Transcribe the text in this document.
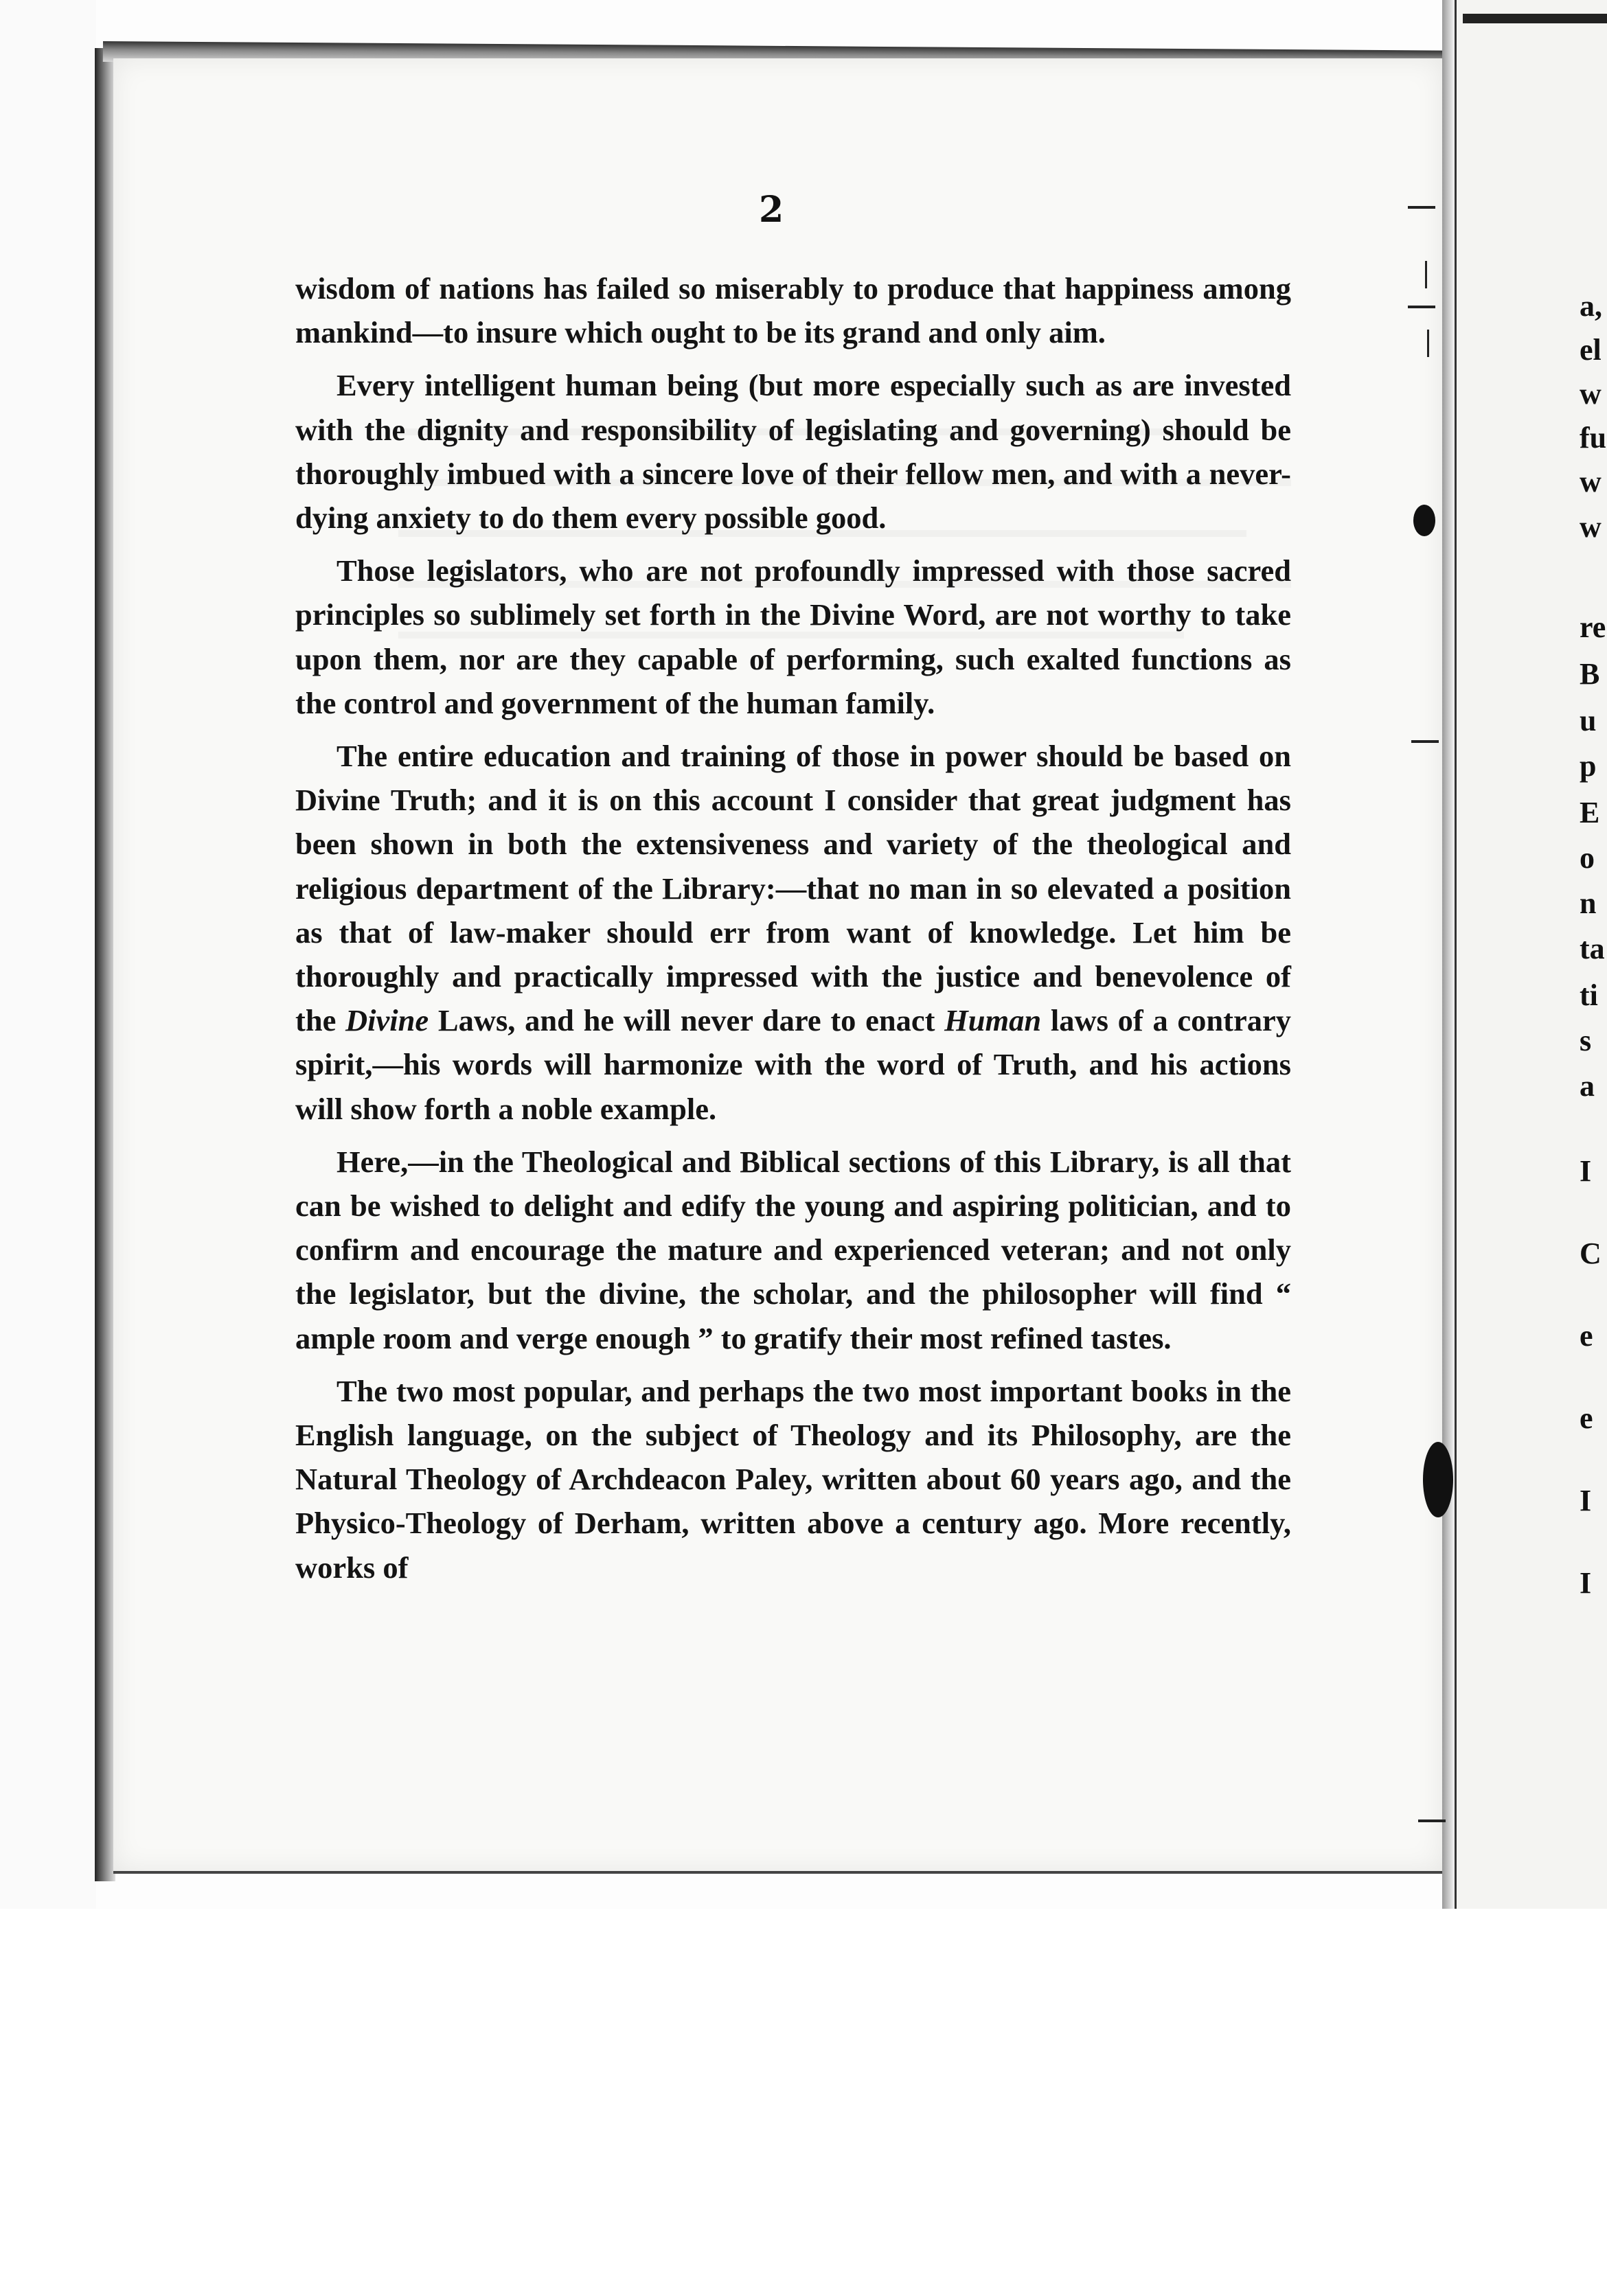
2

wisdom of nations has failed so miserably to produce that happiness among mankind—to insure which ought to be its grand and only aim.

Every intelligent human being (but more especially such as are invested with the dignity and responsibility of legislating and governing) should be thoroughly imbued with a sincere love of their fellow men, and with a never-dying anxiety to do them every possible good.

Those legislators, who are not profoundly impressed with those sacred principles so sublimely set forth in the Divine Word, are not worthy to take upon them, nor are they capable of performing, such exalted functions as the control and government of the human family.

The entire education and training of those in power should be based on Divine Truth; and it is on this account I consider that great judgment has been shown in both the extensiveness and variety of the theological and religious department of the Library:—that no man in so elevated a position as that of law-maker should err from want of knowledge. Let him be thoroughly and practically impressed with the justice and benevolence of the Divine Laws, and he will never dare to enact Human laws of a contrary spirit,—his words will harmonize with the word of Truth, and his actions will show forth a noble example.

Here,—in the Theological and Biblical sections of this Library, is all that can be wished to delight and edify the young and aspiring politician, and to confirm and encourage the mature and experienced veteran; and not only the legislator, but the divine, the scholar, and the philosopher will find “ ample room and verge enough ” to gratify their most refined tastes.

The two most popular, and perhaps the two most important books in the English language, on the subject of Theology and its Philosophy, are the Natural Theology of Archdeacon Paley, written about 60 years ago, and the Physico-Theology of Derham, written above a century ago. More recently, works of

a,
el
w
fu
w
w
re
B
u
p
E
o
n
ta
ti
s
a
I
C
e
e
I
I
